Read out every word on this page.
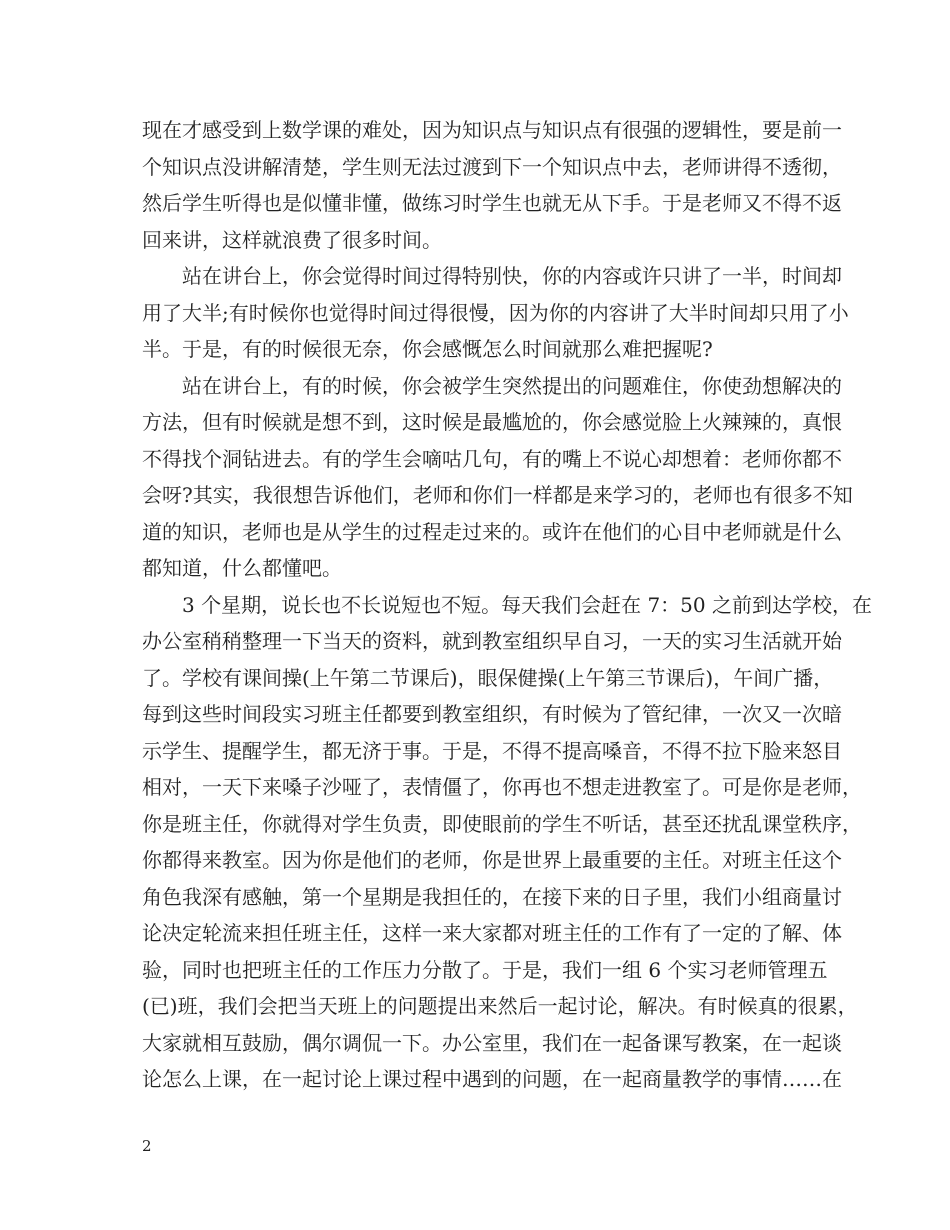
现在才感受到上数学课的难处，因为知识点与知识点有很强的逻辑性，要是前一
个知识点没讲解清楚，学生则无法过渡到下一个知识点中去，老师讲得不透彻，
然后学生听得也是似懂非懂，做练习时学生也就无从下手。于是老师又不得不返
回来讲，这样就浪费了很多时间。
站在讲台上，你会觉得时间过得特别快，你的内容或许只讲了一半，时间却
用了大半;有时候你也觉得时间过得很慢，因为你的内容讲了大半时间却只用了小
半。于是，有的时候很无奈，你会感慨怎么时间就那么难把握呢?
站在讲台上，有的时候，你会被学生突然提出的问题难住，你使劲想解决的
方法，但有时候就是想不到，这时候是最尴尬的，你会感觉脸上火辣辣的，真恨
不得找个洞钻进去。有的学生会嘀咕几句，有的嘴上不说心却想着：老师你都不
会呀?其实，我很想告诉他们，老师和你们一样都是来学习的，老师也有很多不知
道的知识，老师也是从学生的过程走过来的。或许在他们的心目中老师就是什么
都知道，什么都懂吧。
3 个星期，说长也不长说短也不短。每天我们会赶在 7：50 之前到达学校，在
办公室稍稍整理一下当天的资料，就到教室组织早自习，一天的实习生活就开始
了。学校有课间操(上午第二节课后)，眼保健操(上午第三节课后)，午间广播，
每到这些时间段实习班主任都要到教室组织，有时候为了管纪律，一次又一次暗
示学生、提醒学生，都无济于事。于是，不得不提高嗓音，不得不拉下脸来怒目
相对，一天下来嗓子沙哑了，表情僵了，你再也不想走进教室了。可是你是老师，
你是班主任，你就得对学生负责，即使眼前的学生不听话，甚至还扰乱课堂秩序，
你都得来教室。因为你是他们的老师，你是世界上最重要的主任。对班主任这个
角色我深有感触，第一个星期是我担任的，在接下来的日子里，我们小组商量讨
论决定轮流来担任班主任，这样一来大家都对班主任的工作有了一定的了解、体
验，同时也把班主任的工作压力分散了。于是，我们一组 6 个实习老师管理五
(已)班，我们会把当天班上的问题提出来然后一起讨论，解决。有时候真的很累，
大家就相互鼓励，偶尔调侃一下。办公室里，我们在一起备课写教案，在一起谈
论怎么上课，在一起讨论上课过程中遇到的问题，在一起商量教学的事情……在
2
